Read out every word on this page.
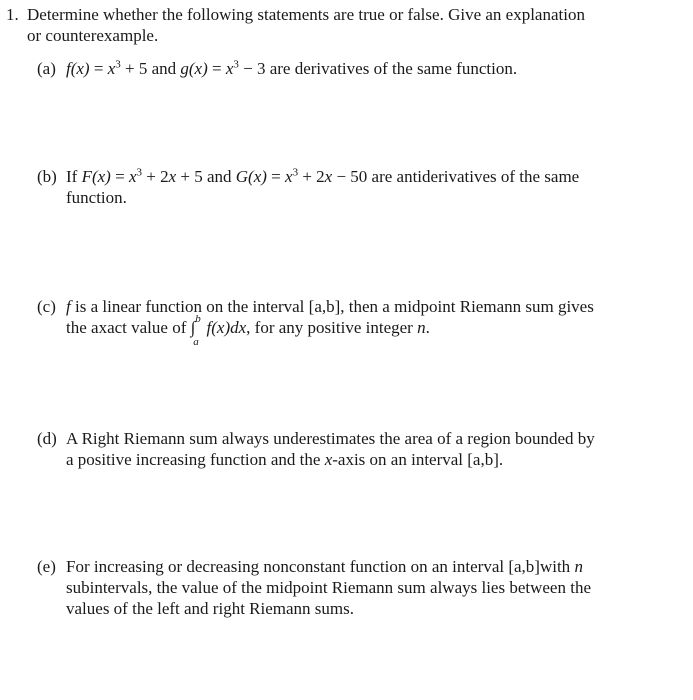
1. Determine whether the following statements are true or false. Give an explanation
or counterexample.
(a) $f(x) = x^3 + 5$ and $g(x) = x^3 - 3$ are derivatives of the same function.
(b) If $F(x) = x^3 + 2x + 5$ and $G(x) = x^3 + 2x - 50$ are antiderivatives of the same
function.
(c) f is a linear function on the interval [a,b], then a midpoint Riemann sum gives
the axact value of ∫ b
a
f(x)dx, for any positive integer n.
(d) A Right Riemann sum always underestimates the area of a region bounded by
a positive increasing function and the x-axis on an interval [a,b].
(e) For increasing or decreasing nonconstant function on an interval [a,b]with n
subintervals, the value of the midpoint Riemann sum always lies between the
values of the left and right Riemann sums.
